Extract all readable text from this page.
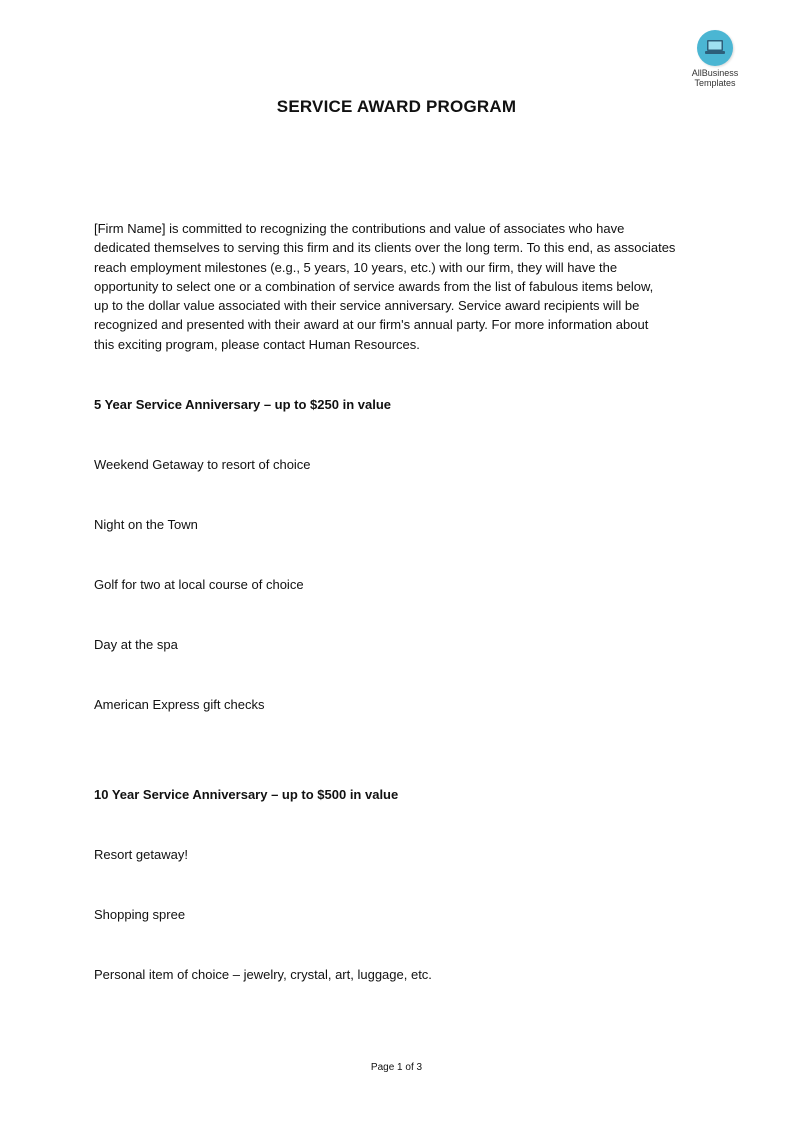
AllBusiness
Templates
SERVICE AWARD PROGRAM
[Firm Name] is committed to recognizing the contributions and value of associates who have
dedicated themselves to serving this firm and its clients over the long term. To this end, as associates
reach employment milestones (e.g., 5 years, 10 years, etc.) with our firm, they will have the
opportunity to select one or a combination of service awards from the list of fabulous items below,
up to the dollar value associated with their service anniversary. Service award recipients will be
recognized and presented with their award at our firm's annual party. For more information about
this exciting program, please contact Human Resources.
5 Year Service Anniversary – up to $250 in value
Weekend Getaway to resort of choice
Night on the Town
Golf for two at local course of choice
Day at the spa
American Express gift checks
10 Year Service Anniversary – up to $500 in value
Resort getaway!
Shopping spree
Personal item of choice – jewelry, crystal, art, luggage, etc.
Page 1 of 3
